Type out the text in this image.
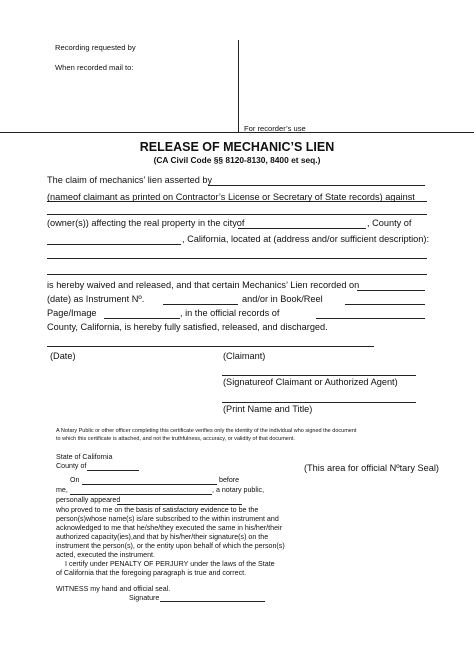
Recording requested by
When recorded mail to:
For recorder’s use
RELEASE OF MECHANIC’S LIEN
(CA Civil Code §§ 8120-8130, 8400 et seq.)
The claim of mechanics’ lien asserted by
(nameof claimant as printed on Contractor’s License or Secretary of State records) against
(owner(s)) affecting the real property in the cityof	, County of
, California, located at (address and/or sufficient description):
is hereby waived and released, and that certain Mechanics’ Lien recorded on
(date) as Instrument Nº.	and/or in Book/Reel
Page/Image	, in the official records of
County, California, is hereby fully satisfied, released, and discharged.
(Date)	(Claimant)
(Signatureof Claimant or Authorized Agent)
(Print Name and Title)
A Notary Public or other officer completing this certificate verifies only the identity of the individual who signed the document
to which this certificate is attached, and not the truthfulness, accuracy, or validity of that document.
State of California
County of	(This area for official Nºtary Seal)
On	before
me,	, a notary public,
personally appeared
who proved to me on the basis of satisfactory evidence to be the
person(s)whose name(s) is/are subscribed to the within instrument and
acknowledged to me that he/she/they executed the same in his/her/their
authorized capacity(ies),and that by his/her/their signature(s) on the
instrument the person(s), or the entity upon behalf of which the person(s)
acted, executed the instrument.
I certify under PENALTY OF PERJURY under the laws of the State
of California that the foregoing paragraph is true and correct.
WITNESS my hand and official seal.
Signature
